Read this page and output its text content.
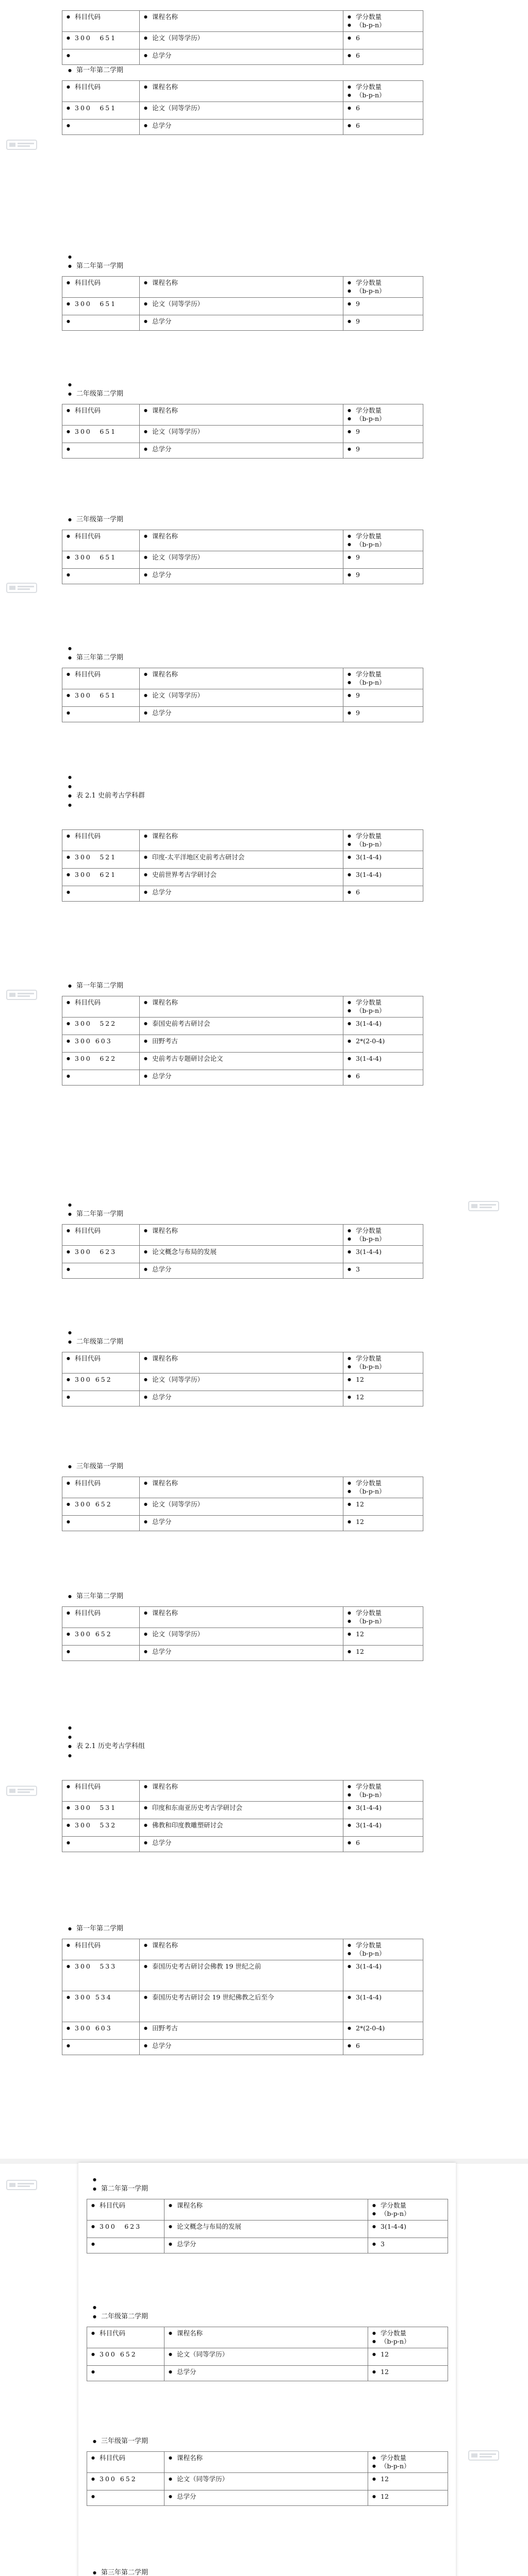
● 科目代码	● 课程名称	● 学分数量
● （b-p-n）

● 300　651	● 论文（同等学历）	● 6

	● 总学分	● 6
● 第一年第二学期
● 科目代码	● 课程名称	● 学分数量
● （b-p-n）

● 300　651	● 论文（同等学历）	● 6

	● 总学分	● 6
●
● 第二年第一学期
● 科目代码	● 课程名称	● 学分数量
● （b-p-n）

● 300　651	● 论文（同等学历）	● 9

	● 总学分	● 9
●
● 二年级第二学期
● 科目代码	● 课程名称	● 学分数量
● （b-p-n）

● 300　651	● 论文（同等学历）	● 9

	● 总学分	● 9
● 三年级第一学期
● 科目代码	● 课程名称	● 学分数量
● （b-p-n）

● 300　651	● 论文（同等学历）	● 9

	● 总学分	● 9
●
● 第三年第二学期
● 科目代码	● 课程名称	● 学分数量
● （b-p-n）

● 300　651	● 论文（同等学历）	● 9

	● 总学分	● 9
●
●
● 表 2.1 史前考古学科群
●
● 科目代码	● 课程名称	● 学分数量
● （b-p-n）

● 300　521	● 印度-太平洋地区史前考古研讨会	● 3(1-4-4)

● 300　621	● 史前世界考古学研讨会	● 3(1-4-4)

	● 总学分	● 6
● 第一年第二学期
● 科目代码	● 课程名称	● 学分数量
● （b-p-n）

● 300　522	● 泰国史前考古研讨会	● 3(1-4-4)

● 300 603	● 田野考古	● 2*(2-0-4)

● 300　622	● 史前考古专题研讨会论文	● 3(1-4-4)

	● 总学分	● 6
●
● 第二年第一学期
● 科目代码	● 课程名称	● 学分数量
● （b-p-n）

● 300　623	● 论文概念与布局的发展	● 3(1-4-4)

	● 总学分	● 3
●
● 二年级第二学期
● 科目代码	● 课程名称	● 学分数量
● （b-p-n）

● 300 652	● 论文（同等学历）	● 12

	● 总学分	● 12
● 三年级第一学期
● 科目代码	● 课程名称	● 学分数量
● （b-p-n）

● 300 652	● 论文（同等学历）	● 12

	● 总学分	● 12
● 第三年第二学期
● 科目代码	● 课程名称	● 学分数量
● （b-p-n）

● 300 652	● 论文（同等学历）	● 12

	● 总学分	● 12
●
●
● 表 2.1 历史考古学科组
●
● 科目代码	● 课程名称	● 学分数量
● （b-p-n）

● 300　531	● 印度和东南亚历史考古学研讨会	● 3(1-4-4)

● 300　532	● 佛教和印度教雕塑研讨会	● 3(1-4-4)

	● 总学分	● 6
● 第一年第二学期
● 科目代码	● 课程名称	● 学分数量
● （b-p-n）

● 300　533	● 泰国历史考古研讨会佛教 19 世纪之前	● 3(1-4-4)

● 300 534	● 泰国历史考古研讨会 19 世纪佛教之后至今	● 3(1-4-4)

● 300 603	● 田野考古	● 2*(2-0-4)

	● 总学分	● 6
●
● 第二年第一学期
● 科目代码	● 课程名称	● 学分数量
● （b-p-n）

● 300　623	● 论文概念与布局的发展	● 3(1-4-4)

	● 总学分	● 3
●
● 二年级第二学期
● 科目代码	● 课程名称	● 学分数量
● （b-p-n）

● 300 652	● 论文（同等学历）	● 12

	● 总学分	● 12
● 三年级第一学期
● 科目代码	● 课程名称	● 学分数量
● （b-p-n）

● 300 652	● 论文（同等学历）	● 12

	● 总学分	● 12
● 第三年第二学期
